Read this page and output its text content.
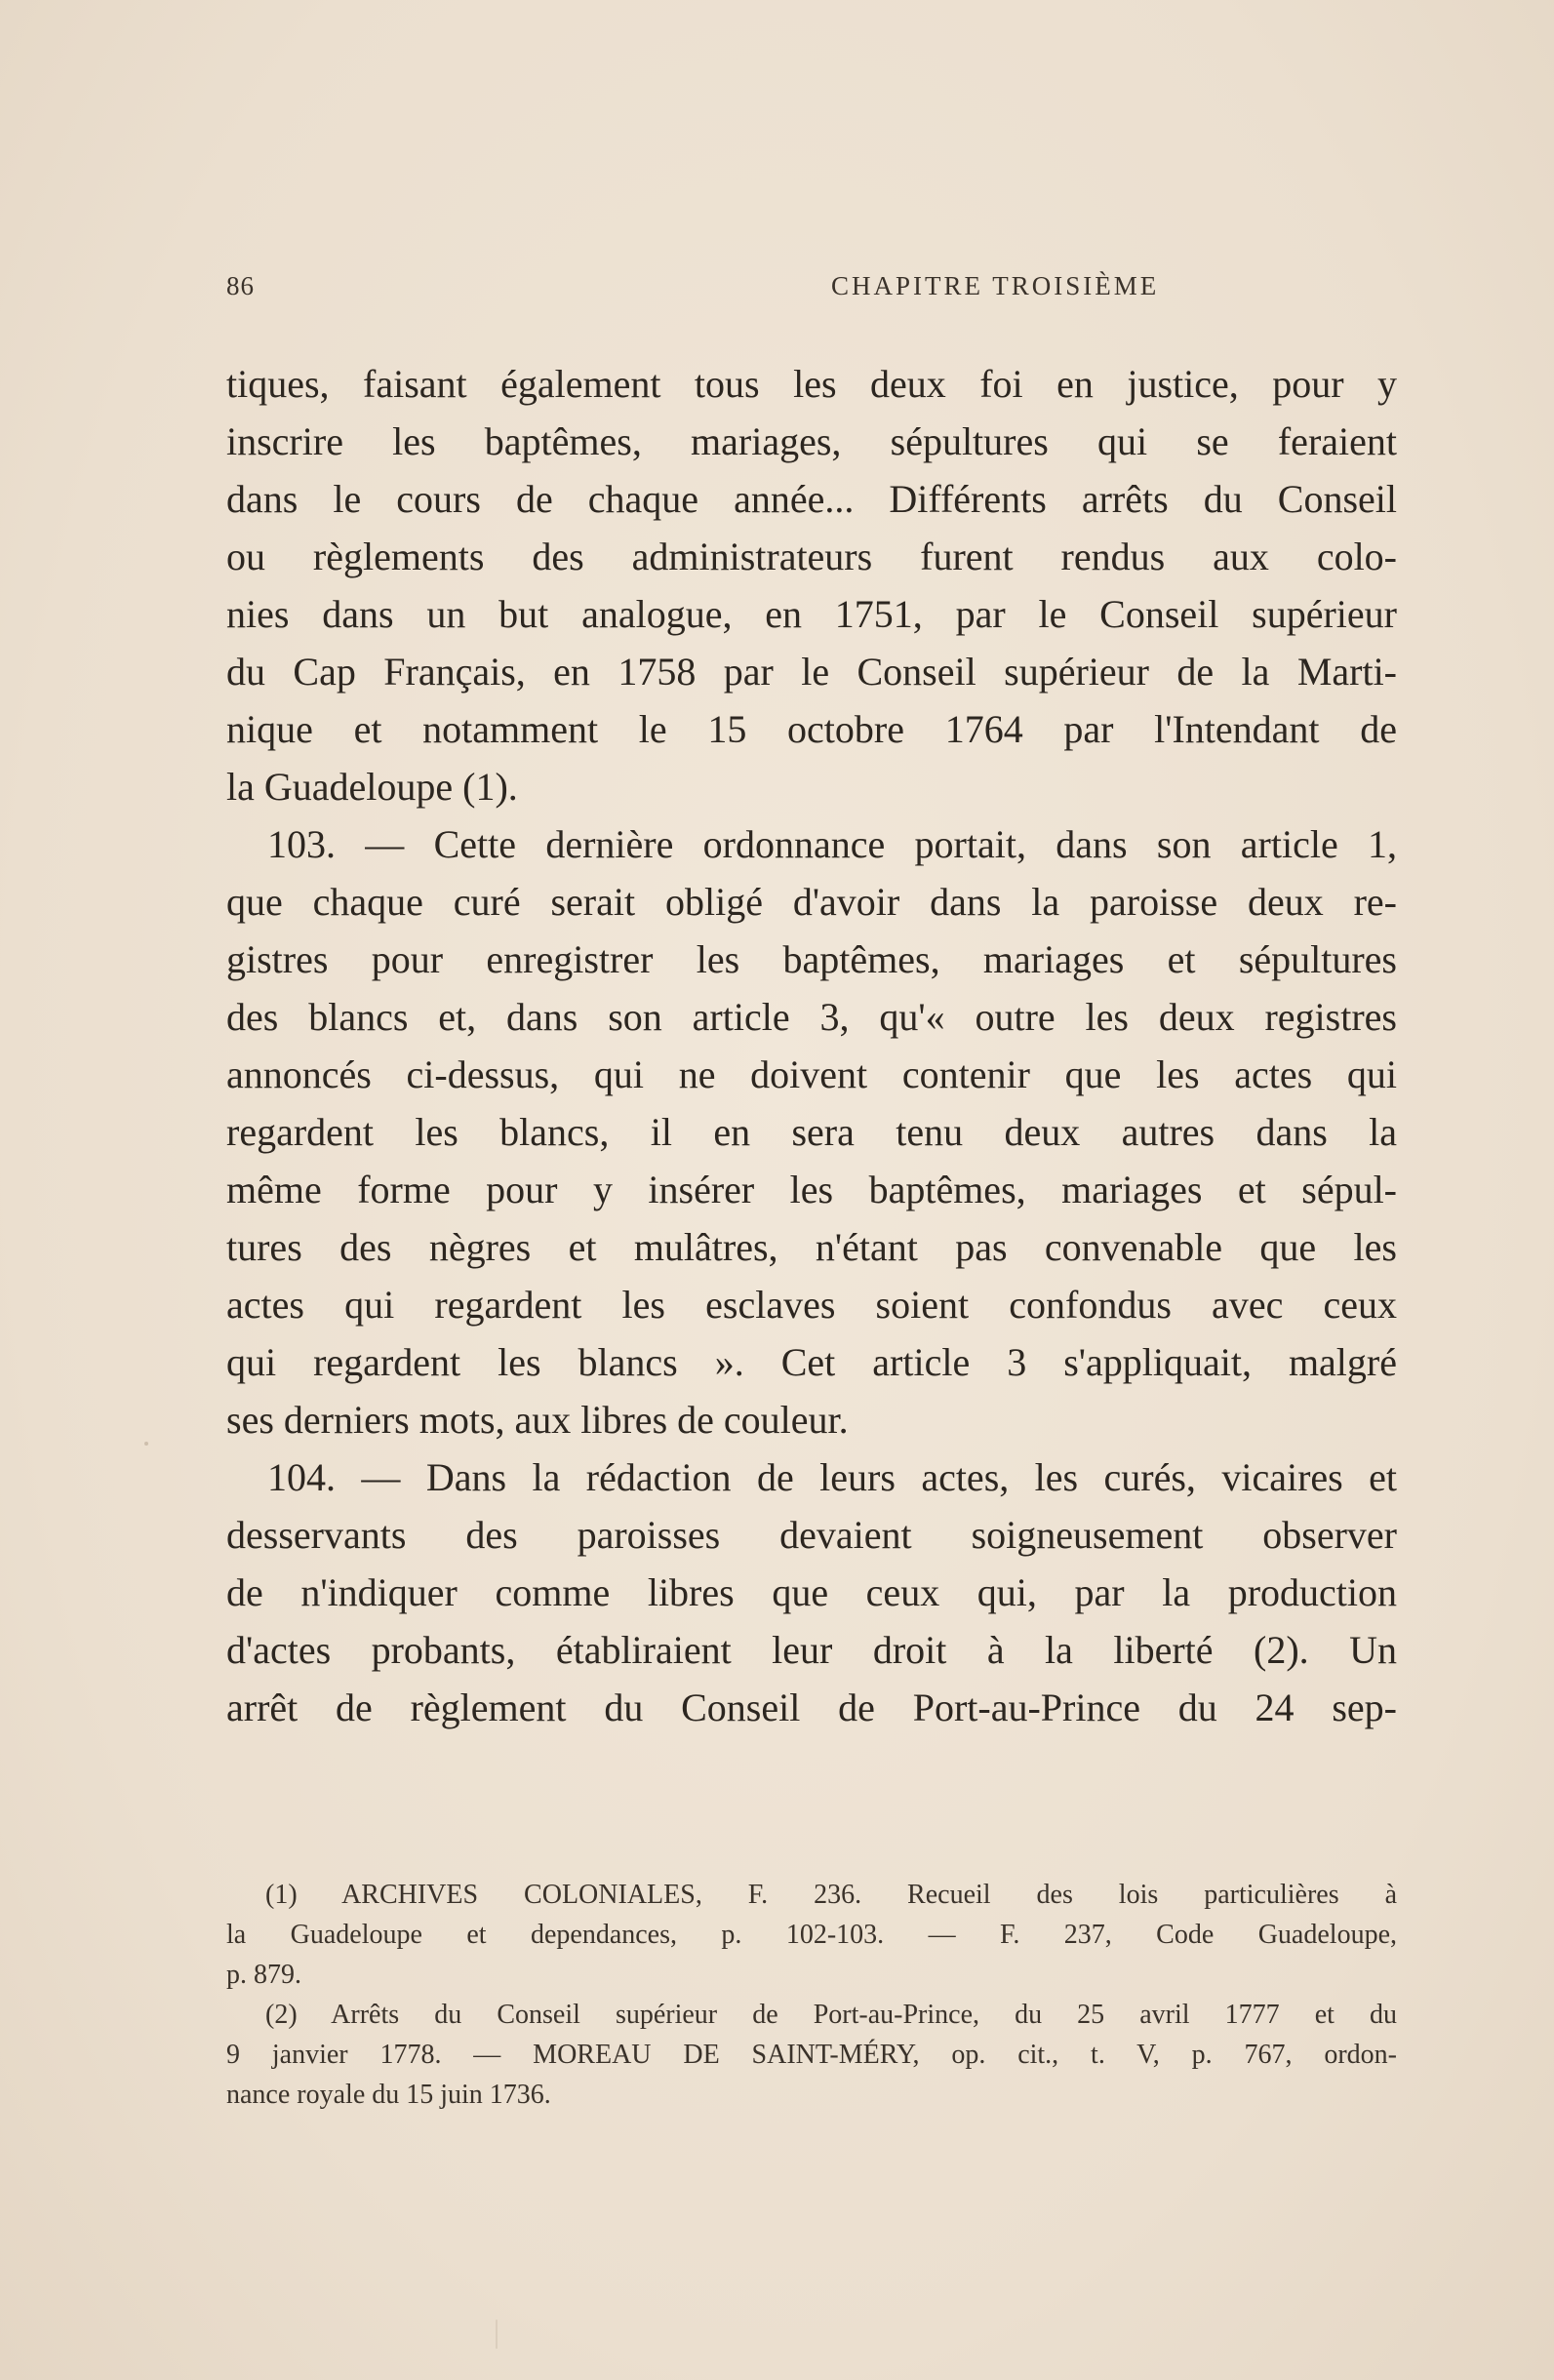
86	CHAPITRE TROISIÈME
tiques, faisant également tous les deux foi en justice, pour y
inscrire les baptêmes, mariages, sépultures qui se feraient
dans le cours de chaque année... Différents arrêts du Conseil
ou règlements des administrateurs furent rendus aux colo-
nies dans un but analogue, en 1751, par le Conseil supérieur
du Cap Français, en 1758 par le Conseil supérieur de la Marti-
nique et notamment le 15 octobre 1764 par l'Intendant de
la Guadeloupe (1).
103. — Cette dernière ordonnance portait, dans son article 1,
que chaque curé serait obligé d'avoir dans la paroisse deux re-
gistres pour enregistrer les baptêmes, mariages et sépultures
des blancs et, dans son article 3, qu'« outre les deux registres
annoncés ci-dessus, qui ne doivent contenir que les actes qui
regardent les blancs, il en sera tenu deux autres dans la
même forme pour y insérer les baptêmes, mariages et sépul-
tures des nègres et mulâtres, n'étant pas convenable que les
actes qui regardent les esclaves soient confondus avec ceux
qui regardent les blancs ». Cet article 3 s'appliquait, malgré
ses derniers mots, aux libres de couleur.
104. — Dans la rédaction de leurs actes, les curés, vicaires et
desservants des paroisses devaient soigneusement observer
de n'indiquer comme libres que ceux qui, par la production
d'actes probants, établiraient leur droit à la liberté (2). Un
arrêt de règlement du Conseil de Port-au-Prince du 24 sep-
(1) ARCHIVES COLONIALES, F. 236. Recueil des lois particulières à
la Guadeloupe et dependances, p. 102-103. — F. 237, Code Guadeloupe,
p. 879.
(2) Arrêts du Conseil supérieur de Port-au-Prince, du 25 avril 1777 et du
9 janvier 1778. — MOREAU DE SAINT-MÉRY, op. cit., t. V, p. 767, ordon-
nance royale du 15 juin 1736.
